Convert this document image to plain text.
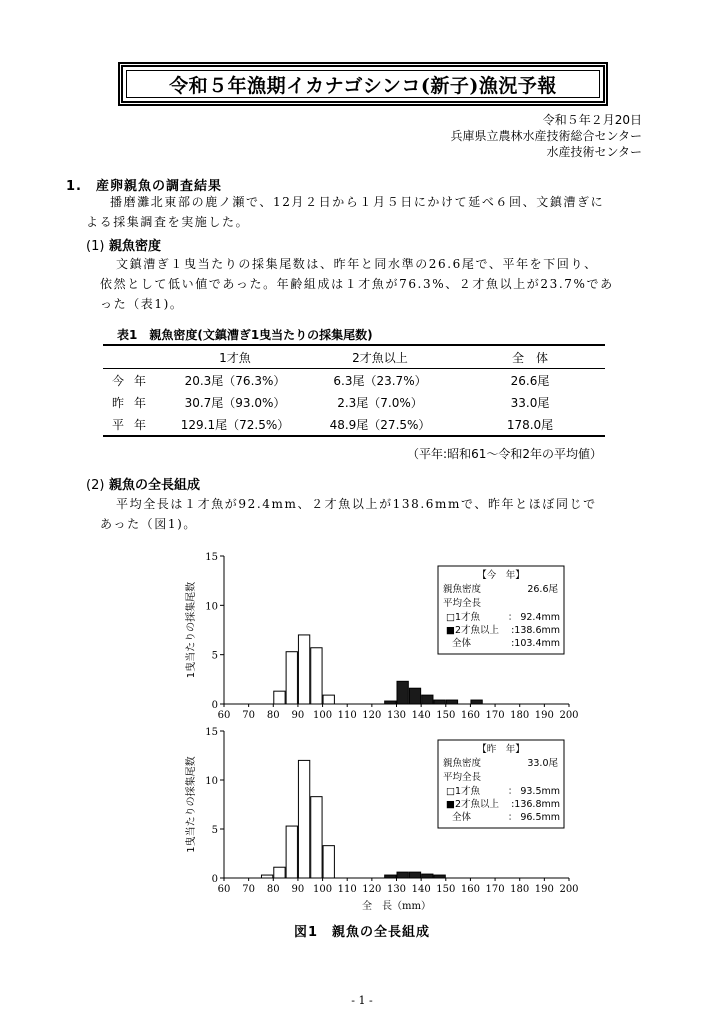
令和５年漁期イカナゴシンコ(新子)漁況予報
令和５年２月20日
兵庫県立農林水産技術総合センター
水産技術センター
1.　産卵親魚の調査結果
播磨灘北東部の鹿ノ瀬で、12月２日から１月５日にかけて延べ６回、文鎮漕ぎに
よる採集調査を実施した。
(1) 親魚密度
文鎮漕ぎ１曳当たりの採集尾数は、昨年と同水準の26.6尾で、平年を下回り、
依然として低い値であった。年齢組成は１才魚が76.3%、２才魚以上が23.7%であ
った（表1)。
表1　親魚密度(文鎮漕ぎ1曳当たりの採集尾数)
	1才魚	2才魚以上	全　体
今年	20.3尾（76.3%）	6.3尾（23.7%）	26.6尾
昨年	30.7尾（93.0%）	2.3尾（7.0%）	33.0尾
平年	129.1尾（72.5%）	48.9尾（27.5%）	178.0尾
（平年:昭和61～令和2年の平均値）
(2) 親魚の全長組成
平均全長は１才魚が92.4mm、２才魚以上が138.6mmで、昨年とほぼ同じで
あった（図1)。
0
5
10
15
60 70 80 90 100 110 120 130 140 150 160 170 180 190 200
1曳当たりの採集尾数
【今　年】
親魚密度	26.6尾
平均全長
□1才魚	： 92.4mm
■2才魚以上 :138.6mm
全体	:103.4mm
0
5
10
15
60 70 80 90 100 110 120 130 140 150 160 170 180 190 200
1曳当たりの採集尾数
全　長（mm）
【昨　年】
親魚密度	33.0尾
平均全長
□1才魚	： 93.5mm
■2才魚以上 :136.8mm
全体	： 96.5mm
図1　親魚の全長組成
- 1 -
